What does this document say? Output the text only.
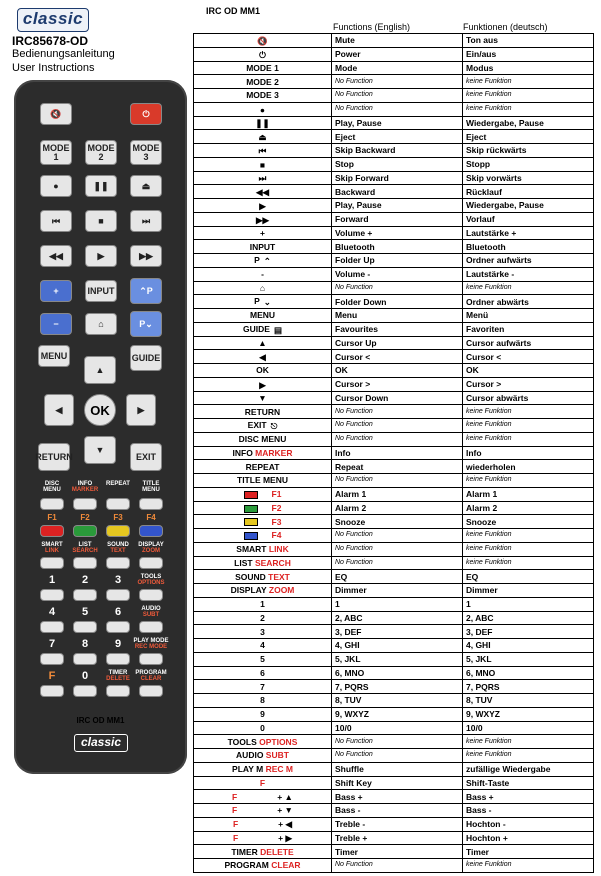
classic
IRC85678-OD
Bedienungsanleitung
User Instructions
🔇	⏻
MODE
1
MODE
2
MODE
3
●	❚❚	⏏
⏮	■	⏭
◀◀	▶	▶▶
+	INPUT	⌃P
−	⌂	P⌄
MENU	GUIDE
▲
◀	▶
▼
OK
RETURN	EXIT
DISC MENU
INFO
MARKER
REPEAT	TITLE MENU
F1	F2	F3	F4
SMART
LINK
LIST
SEARCH
SOUND
TEXT
DISPLAY
ZOOM
1	2	3
4	5	6
7	8	9
F	0
TOOLS
OPTIONS
AUDIO
SUBT
PLAY MODE
REC MODE
TIMER
DELETE
PROGRAM
CLEAR
IRC OD MM1
classic
IRC OD MM1
Functions (English)	Funktionen (deutsch)
🔇	Mute	Ton aus
⏻	Power	Ein/aus
MODE 1	Mode	Modus
MODE 2	No Function	keine Funktion
MODE 3	No Function	keine Funktion
●	No Function	keine Funktion
❚❚	Play, Pause	Wiedergabe, Pause
⏏	Eject	Eject
⏮	Skip Backward	Skip rückwärts
■	Stop	Stopp
⏭	Skip Forward	Skip vorwärts
◀◀	Backward	Rücklauf
▶	Play, Pause	Wiedergabe, Pause
▶▶	Forward	Vorlauf
+	Volume +	Lautstärke +
INPUT	Bluetooth	Bluetooth
P ⌃	Folder Up	Ordner aufwärts
-	Volume -	Lautstärke -
⌂	No Function	keine Funktion
P ⌄	Folder Down	Ordner abwärts
MENU	Menu	Menü
GUIDE ▤	Favourites	Favoriten
▲	Cursor Up	Cursor aufwärts
◀	Cursor <	Cursor <
OK	OK	OK
▶	Cursor >	Cursor >
▼	Cursor Down	Cursor abwärts
RETURN	No Function	keine Funktion
EXIT ⎋	No Function	keine Funktion
DISC MENU	No Function	keine Funktion
INFO MARKER	Info	Info
REPEAT	Repeat	wiederholen
TITLE MENU	No Function	keine Funktion
F1	Alarm 1	Alarm 1
F2	Alarm 2	Alarm 2
F3	Snooze	Snooze
F4	No Function	keine Funktion
SMART LINK	No Function	keine Funktion
LIST SEARCH	No Function	keine Funktion
SOUND TEXT	EQ	EQ
DISPLAY ZOOM	Dimmer	Dimmer
1	1	1
2	2, ABC	2, ABC
3	3, DEF	3, DEF
4	4, GHI	4, GHI
5	5, JKL	5, JKL
6	6, MNO	6, MNO
7	7, PQRS	7, PQRS
8	8, TUV	8, TUV
9	9, WXYZ	9, WXYZ
0	10/0	10/0
TOOLS OPTIONS	No Function	keine Funktion
AUDIO SUBT	No Function	keine Funktion
PLAY M REC M	Shuffle	zufällige Wiedergabe
F	Shift Key	Shift-Taste
F + ▲	Bass +	Bass +
F + ▼	Bass -	Bass -
F + ◀	Treble -	Hochton -
F + ▶	Treble +	Hochton +
TIMER DELETE	Timer	Timer
PROGRAM CLEAR	No Function	keine Funktion
